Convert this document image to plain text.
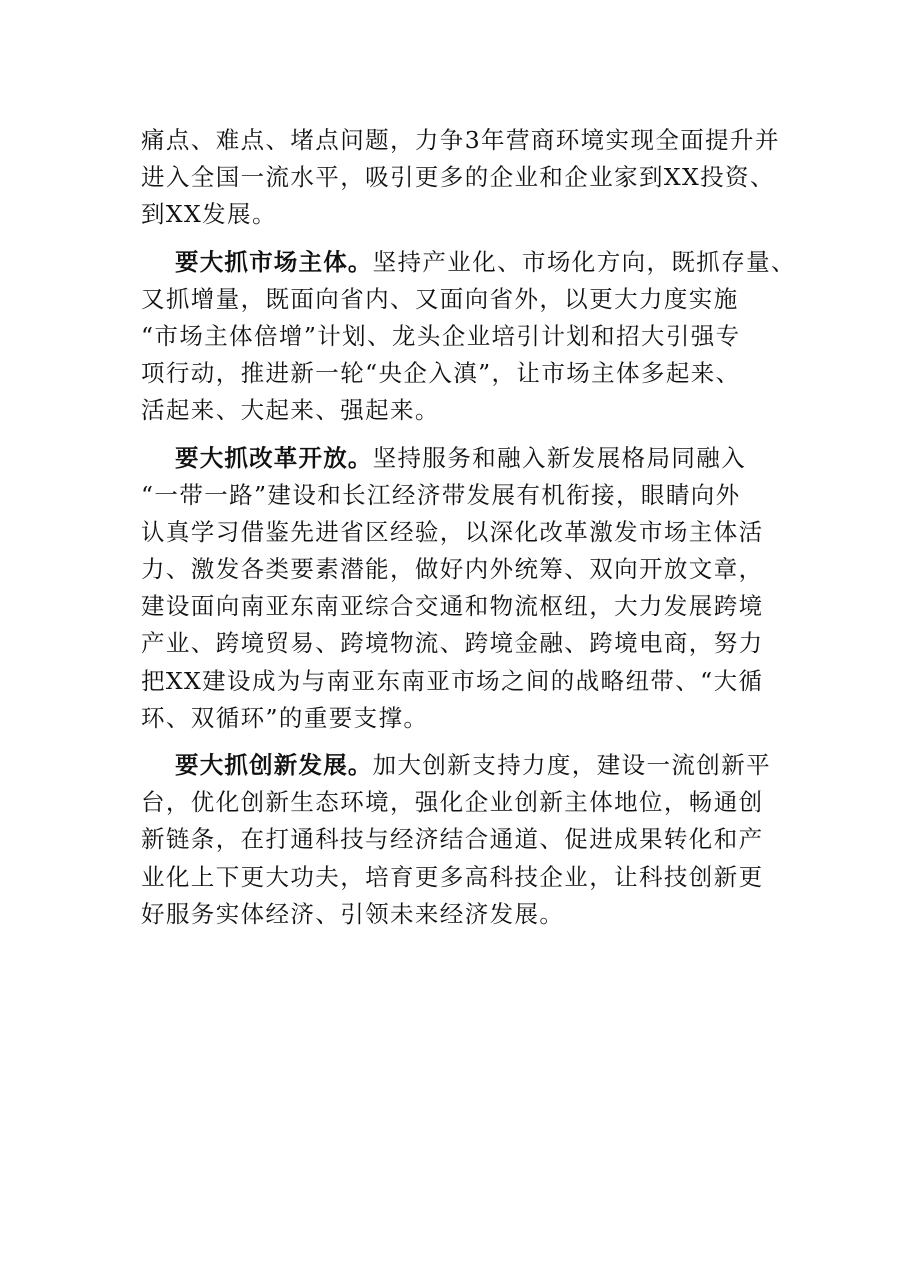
痛点、难点、堵点问题，力争3年营商环境实现全面提升并
进入全国一流水平，吸引更多的企业和企业家到XX投资、
到XX发展。
要大抓市场主体。坚持产业化、市场化方向，既抓存量、
又抓增量，既面向省内、又面向省外，以更大力度实施
“市场主体倍增”计划、龙头企业培引计划和招大引强专
项行动，推进新一轮“央企入滇”，让市场主体多起来、
活起来、大起来、强起来。
要大抓改革开放。坚持服务和融入新发展格局同融入
“一带一路”建设和长江经济带发展有机衔接，眼睛向外
认真学习借鉴先进省区经验，以深化改革激发市场主体活
力、激发各类要素潜能，做好内外统筹、双向开放文章，
建设面向南亚东南亚综合交通和物流枢纽，大力发展跨境
产业、跨境贸易、跨境物流、跨境金融、跨境电商，努力
把XX建设成为与南亚东南亚市场之间的战略纽带、“大循
环、双循环”的重要支撑。
要大抓创新发展。加大创新支持力度，建设一流创新平
台，优化创新生态环境，强化企业创新主体地位，畅通创
新链条，在打通科技与经济结合通道、促进成果转化和产
业化上下更大功夫，培育更多高科技企业，让科技创新更
好服务实体经济、引领未来经济发展。
